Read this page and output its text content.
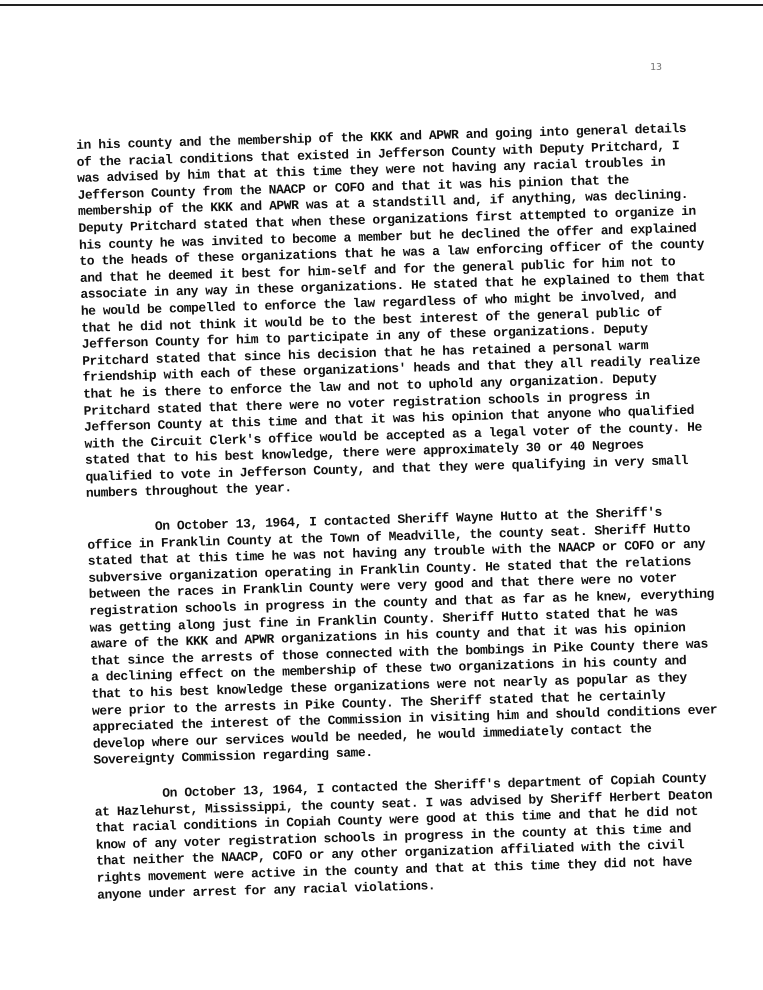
13

in his county and the membership of the KKK and APWR and going into general details of the racial conditions that existed in Jefferson County with Deputy Pritchard, I was advised by him that at this time they were not having any racial troubles in Jefferson County from the NAACP or COFO and that it was his pinion that the membership of the KKK and APWR was at a standstill and, if anything, was declining. Deputy Pritchard stated that when these organizations first attempted to organize in his county he was invited to become a member but he declined the offer and explained to the heads of these organizations that he was a law enforcing officer of the county and that he deemed it best for him-self and for the general public for him not to associate in any way in these organizations. He stated that he explained to them that he would be compelled to enforce the law regardless of who might be involved, and that he did not think it would be to the best interest of the general public of Jefferson County for him to participate in any of these organizations. Deputy Pritchard stated that since his decision that he has retained a personal warm friendship with each of these organizations' heads and that they all readily realize that he is there to enforce the law and not to uphold any organization. Deputy Pritchard stated that there were no voter registration schools in progress in Jefferson County at this time and that it was his opinion that anyone who qualified with the Circuit Clerk's office would be accepted as a legal voter of the county. He stated that to his best knowledge, there were approximately 30 or 40 Negroes qualified to vote in Jefferson County, and that they were qualifying in very small numbers throughout the year.

On October 13, 1964, I contacted Sheriff Wayne Hutto at the Sheriff's office in Franklin County at the Town of Meadville, the county seat. Sheriff Hutto stated that at this time he was not having any trouble with the NAACP or COFO or any subversive organization operating in Franklin County. He stated that the relations between the races in Franklin County were very good and that there were no voter registration schools in progress in the county and that as far as he knew, everything was getting along just fine in Franklin County. Sheriff Hutto stated that he was aware of the KKK and APWR organizations in his county and that it was his opinion that since the arrests of those connected with the bombings in Pike County there was a declining effect on the membership of these two organizations in his county and that to his best knowledge these organizations were not nearly as popular as they were prior to the arrests in Pike County. The Sheriff stated that he certainly appreciated the interest of the Commission in visiting him and should conditions ever develop where our services would be needed, he would immediately contact the Sovereignty Commission regarding same.

On October 13, 1964, I contacted the Sheriff's department of Copiah County at Hazlehurst, Mississippi, the county seat. I was advised by Sheriff Herbert Deaton that racial conditions in Copiah County were good at this time and that he did not know of any voter registration schools in progress in the county at this time and that neither the NAACP, COFO or any other organization affiliated with the civil rights movement were active in the county and that at this time they did not have anyone under arrest for any racial violations.
